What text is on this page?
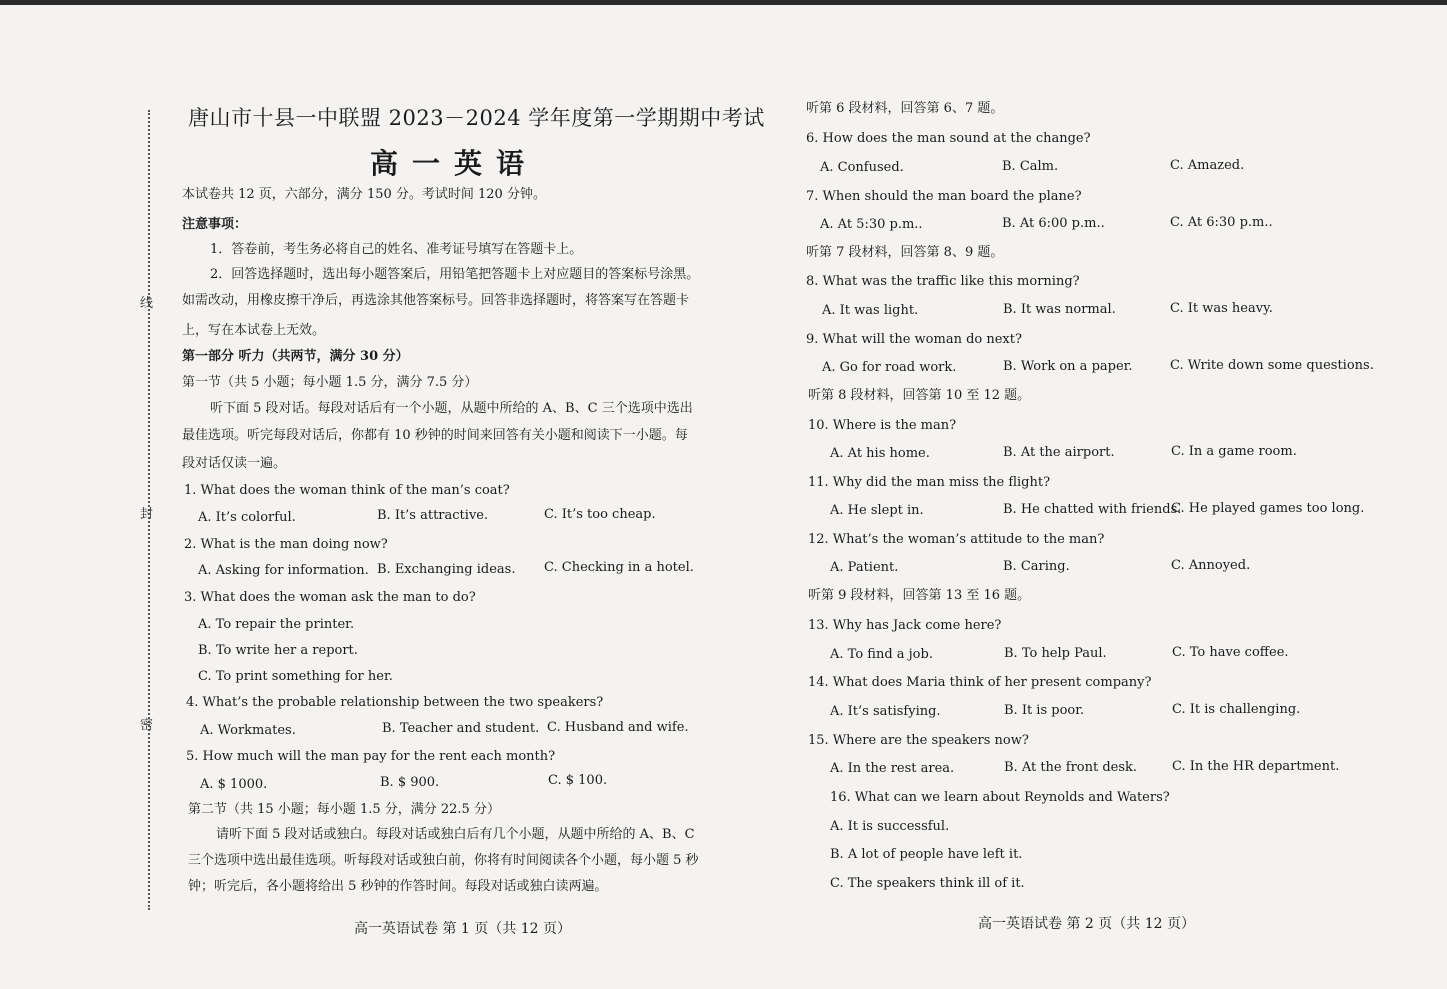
线
封
密
唐山市十县一中联盟 2023－2024 学年度第一学期期中考试
高一英语
本试卷共 12 页，六部分，满分 150 分。考试时间 120 分钟。
注意事项：
1．答卷前，考生务必将自己的姓名、准考证号填写在答题卡上。
2．回答选择题时，选出每小题答案后，用铅笔把答题卡上对应题目的答案标号涂黑。
如需改动，用橡皮擦干净后，再选涂其他答案标号。回答非选择题时，将答案写在答题卡
上，写在本试卷上无效。
第一部分 听力（共两节，满分 30 分）
第一节（共 5 小题；每小题 1.5 分，满分 7.5 分）
听下面 5 段对话。每段对话后有一个小题，从题中所给的 A、B、C 三个选项中选出
最佳选项。听完每段对话后，你都有 10 秒钟的时间来回答有关小题和阅读下一小题。每
段对话仅读一遍。
1. What does the woman think of the man’s coat?
A. It’s colorful.	B. It’s attractive.	C. It’s too cheap.
2. What is the man doing now?
A. Asking for information. B. Exchanging ideas. C. Checking in a hotel.
3. What does the woman ask the man to do?
A. To repair the printer.
B. To write her a report.
C. To print something for her.
4. What’s the probable relationship between the two speakers?
A. Workmates.	B. Teacher and student. C. Husband and wife.
5. How much will the man pay for the rent each month?
A. $ 1000.	B. $ 900.	C. $ 100.
第二节（共 15 小题；每小题 1.5 分，满分 22.5 分）
请听下面 5 段对话或独白。每段对话或独白后有几个小题，从题中所给的 A、B、C
三个选项中选出最佳选项。听每段对话或独白前，你将有时间阅读各个小题，每小题 5 秒
钟；听完后，各小题将给出 5 秒钟的作答时间。每段对话或独白读两遍。
高一英语试卷 第 1 页（共 12 页）
听第 6 段材料，回答第 6、7 题。
6. How does the man sound at the change?
A. Confused.	B. Calm.	C. Amazed.
7. When should the man board the plane?
A. At 5:30 p.m..	B. At 6:00 p.m..	C. At 6:30 p.m..
听第 7 段材料，回答第 8、9 题。
8. What was the traffic like this morning?
A. It was light.	B. It was normal.	C. It was heavy.
9. What will the woman do next?
A. Go for road work.	B. Work on a paper.	C. Write down some questions.
听第 8 段材料，回答第 10 至 12 题。
10. Where is the man?
A. At his home.	B. At the airport.	C. In a game room.
11. Why did the man miss the flight?
A. He slept in.	B. He chatted with friends.
C. He played games too long.
12. What’s the woman’s attitude to the man?
A. Patient.	B. Caring.	C. Annoyed.
听第 9 段材料，回答第 13 至 16 题。
13. Why has Jack come here?
A. To find a job.	B. To help Paul.	C. To have coffee.
14. What does Maria think of her present company?
A. It’s satisfying.	B. It is poor.	C. It is challenging.
15. Where are the speakers now?
A. In the rest area.	B. At the front desk.	C. In the HR department.
16. What can we learn about Reynolds and Waters?
A. It is successful.
B. A lot of people have left it.
C. The speakers think ill of it.
高一英语试卷 第 2 页（共 12 页）
